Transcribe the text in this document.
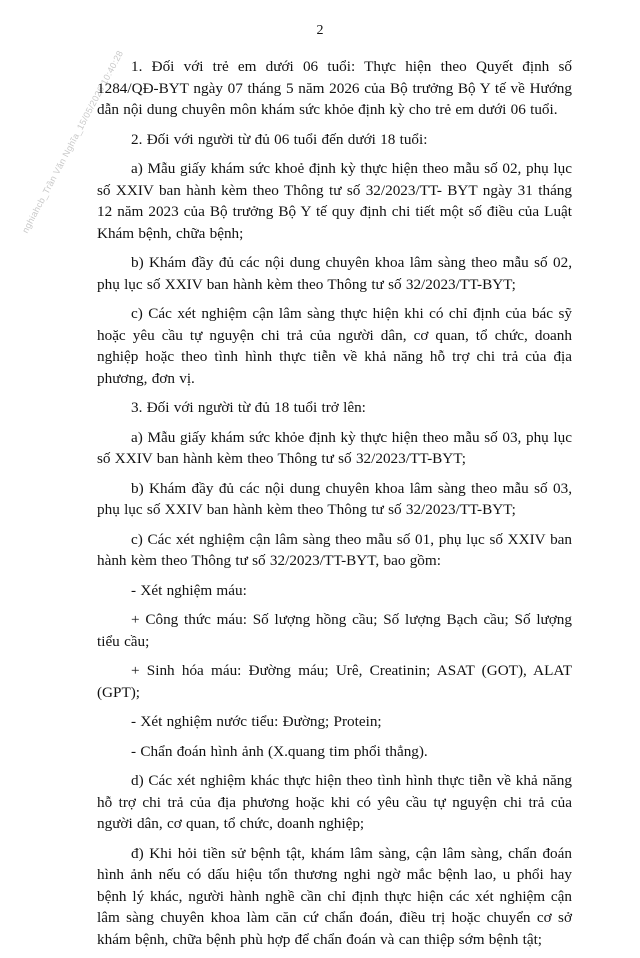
2
nghiahcb_Trần Văn Nghĩa_15/05/2026 10:40:28 1. Đối với trẻ em dưới 06 tuổi: Thực hiện theo Quyết định số 1284/QĐ-BYT ngày 07 tháng 5 năm 2026 của Bộ trưởng Bộ Y tế về Hướng dẫn nội dung chuyên môn khám sức khỏe định kỳ cho trẻ em dưới 06 tuổi.

2. Đối với người từ đủ 06 tuổi đến dưới 18 tuổi:

a) Mẫu giấy khám sức khoẻ định kỳ thực hiện theo mẫu số 02, phụ lục số XXIV ban hành kèm theo Thông tư số 32/2023/TT- BYT ngày 31 tháng 12 năm 2023 của Bộ trưởng Bộ Y tế quy định chi tiết một số điều của Luật Khám bệnh, chữa bệnh;

b) Khám đầy đủ các nội dung chuyên khoa lâm sàng theo mẫu số 02, phụ lục số XXIV ban hành kèm theo Thông tư số 32/2023/TT-BYT;

c) Các xét nghiệm cận lâm sàng thực hiện khi có chỉ định của bác sỹ hoặc yêu cầu tự nguyện chi trả của người dân, cơ quan, tổ chức, doanh nghiệp hoặc theo tình hình thực tiễn về khả năng hỗ trợ chi trả của địa phương, đơn vị.

3. Đối với người từ đủ 18 tuổi trở lên:

a) Mẫu giấy khám sức khỏe định kỳ thực hiện theo mẫu số 03, phụ lục số XXIV ban hành kèm theo Thông tư số 32/2023/TT-BYT;

b) Khám đầy đủ các nội dung chuyên khoa lâm sàng theo mẫu số 03, phụ lục số XXIV ban hành kèm theo Thông tư số 32/2023/TT-BYT;

c) Các xét nghiệm cận lâm sàng theo mẫu số 01, phụ lục số XXIV ban hành kèm theo Thông tư số 32/2023/TT-BYT, bao gồm:

- Xét nghiệm máu:

+ Công thức máu: Số lượng hồng cầu; Số lượng Bạch cầu; Số lượng tiểu cầu;

+ Sinh hóa máu: Đường máu; Urê, Creatinin; ASAT (GOT), ALAT (GPT);

- Xét nghiệm nước tiểu: Đường; Protein;

- Chẩn đoán hình ảnh (X.quang tim phổi thẳng).

d) Các xét nghiệm khác thực hiện theo tình hình thực tiễn về khả năng hỗ trợ chi trả của địa phương hoặc khi có yêu cầu tự nguyện chi trả của người dân, cơ quan, tổ chức, doanh nghiệp;

đ) Khi hỏi tiền sử bệnh tật, khám lâm sàng, cận lâm sàng, chẩn đoán hình ảnh nếu có dấu hiệu tổn thương nghi ngờ mắc bệnh lao, u phổi hay bệnh lý khác, người hành nghề cần chỉ định thực hiện các xét nghiệm cận lâm sàng chuyên khoa làm căn cứ chẩn đoán, điều trị hoặc chuyển cơ sở khám bệnh, chữa bệnh phù hợp để chẩn đoán và can thiệp sớm bệnh tật;
